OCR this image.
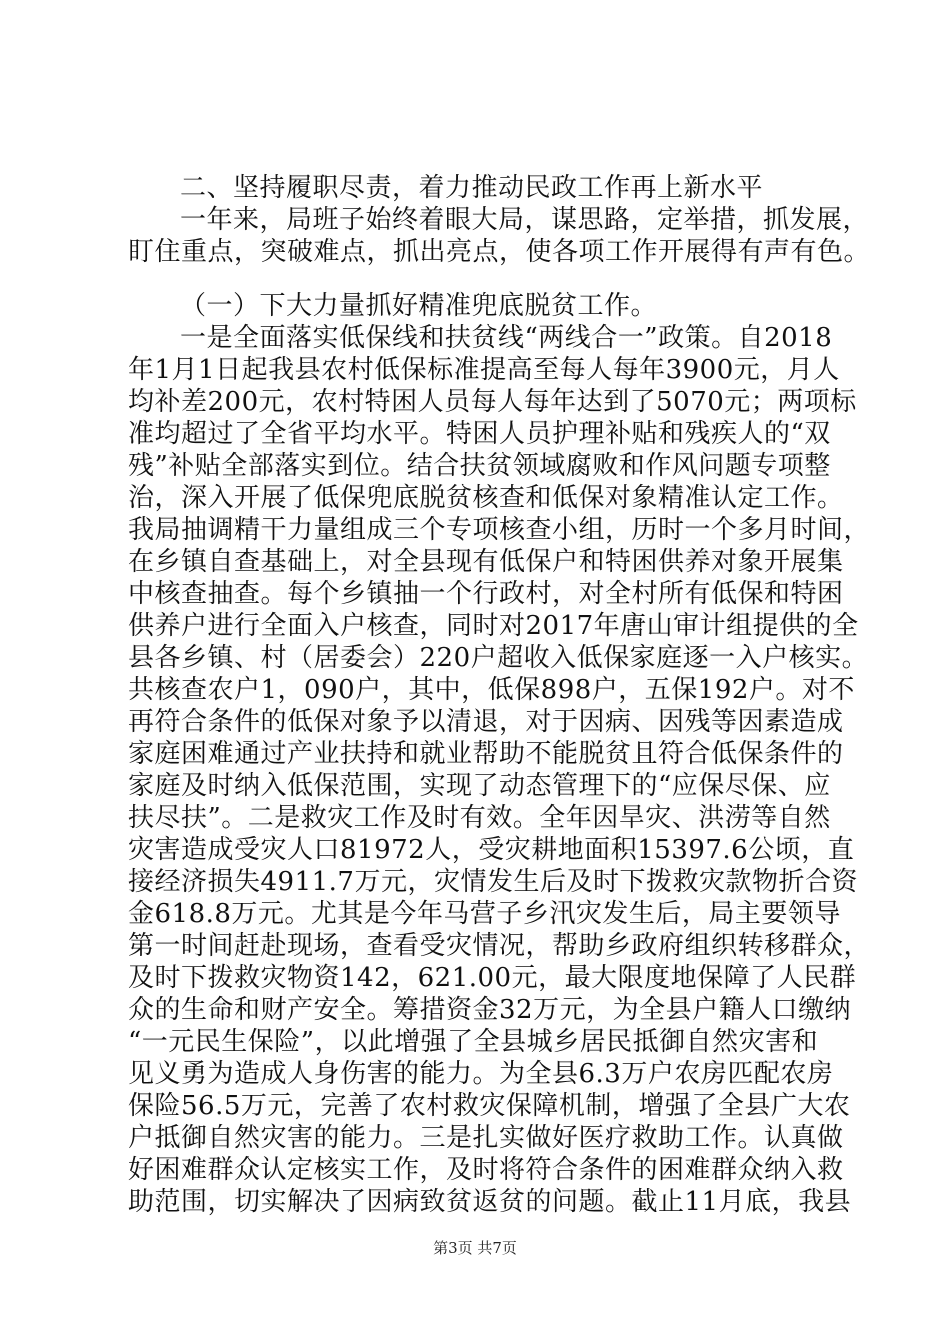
二、坚持履职尽责，着力推动民政工作再上新水平
一年来，局班子始终着眼大局，谋思路，定举措，抓发展，
盯住重点，突破难点，抓出亮点，使各项工作开展得有声有色。
（一）下大力量抓好精准兜底脱贫工作。
一是全面落实低保线和扶贫线“两线合一”政策。自2018
年1月1日起我县农村低保标准提高至每人每年3900元，月人
均补差200元，农村特困人员每人每年达到了5070元；两项标
准均超过了全省平均水平。特困人员护理补贴和残疾人的“双
残”补贴全部落实到位。结合扶贫领域腐败和作风问题专项整
治，深入开展了低保兜底脱贫核查和低保对象精准认定工作。
我局抽调精干力量组成三个专项核查小组，历时一个多月时间，
在乡镇自查基础上，对全县现有低保户和特困供养对象开展集
中核查抽查。每个乡镇抽一个行政村，对全村所有低保和特困
供养户进行全面入户核查，同时对2017年唐山审计组提供的全
县各乡镇、村（居委会）220户超收入低保家庭逐一入户核实。
共核查农户1，090户，其中，低保898户，五保192户。对不
再符合条件的低保对象予以清退，对于因病、因残等因素造成
家庭困难通过产业扶持和就业帮助不能脱贫且符合低保条件的
家庭及时纳入低保范围，实现了动态管理下的“应保尽保、应
扶尽扶”。二是救灾工作及时有效。全年因旱灾、洪涝等自然
灾害造成受灾人口81972人，受灾耕地面积15397.6公顷，直
接经济损失4911.7万元，灾情发生后及时下拨救灾款物折合资
金618.8万元。尤其是今年马营子乡汛灾发生后，局主要领导
第一时间赶赴现场，查看受灾情况，帮助乡政府组织转移群众，
及时下拨救灾物资142，621.00元，最大限度地保障了人民群
众的生命和财产安全。筹措资金32万元，为全县户籍人口缴纳
“一元民生保险”，以此增强了全县城乡居民抵御自然灾害和
见义勇为造成人身伤害的能力。为全县6.3万户农房匹配农房
保险56.5万元，完善了农村救灾保障机制，增强了全县广大农
户抵御自然灾害的能力。三是扎实做好医疗救助工作。认真做
第3页 共7页
好困难群众认定核实工作，及时将符合条件的困难群众纳入救
助范围，切实解决了因病致贫返贫的问题。截止11月底，我县
